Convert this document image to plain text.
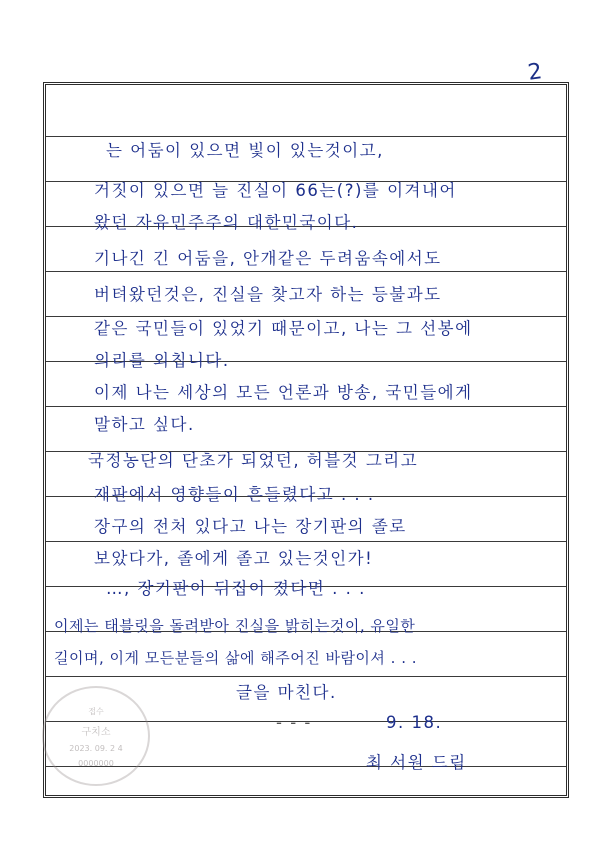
2
는 어둠이 있으면 빛이 있는것이고,
거짓이 있으면 늘 진실이 66는(?)를 이겨내어
왔던 자유민주주의 대한민국이다.
기나긴 긴 어둠을, 안개같은 두려움속에서도
버텨왔던것은, 진실을 찾고자 하는 등불과도
같은 국민들이 있었기 때문이고, 나는 그 선봉에
의리를 외칩니다.
이제 나는 세상의 모든 언론과 방송, 국민들에게
말하고 싶다.
국정농단의 단초가 되었던, 허블것 그리고
재판에서 영향들이 흔들렸다고 . . .
장구의 전처 있다고 나는 장기판의 졸로
보았다가, 졸에게 졸고 있는것인가!
…, 장기판이 뒤집어 졌다면 . . .
이제는 태블릿을 돌려받아 진실을 밝히는것이, 유일한
길이며, 이게 모든분들의 삶에 해주어진 바람이셔 . . .
글을 마친다.
- - -	9. 18.
최 서원 드림
접수
구치소
2023. 09. 2 4
0000000
